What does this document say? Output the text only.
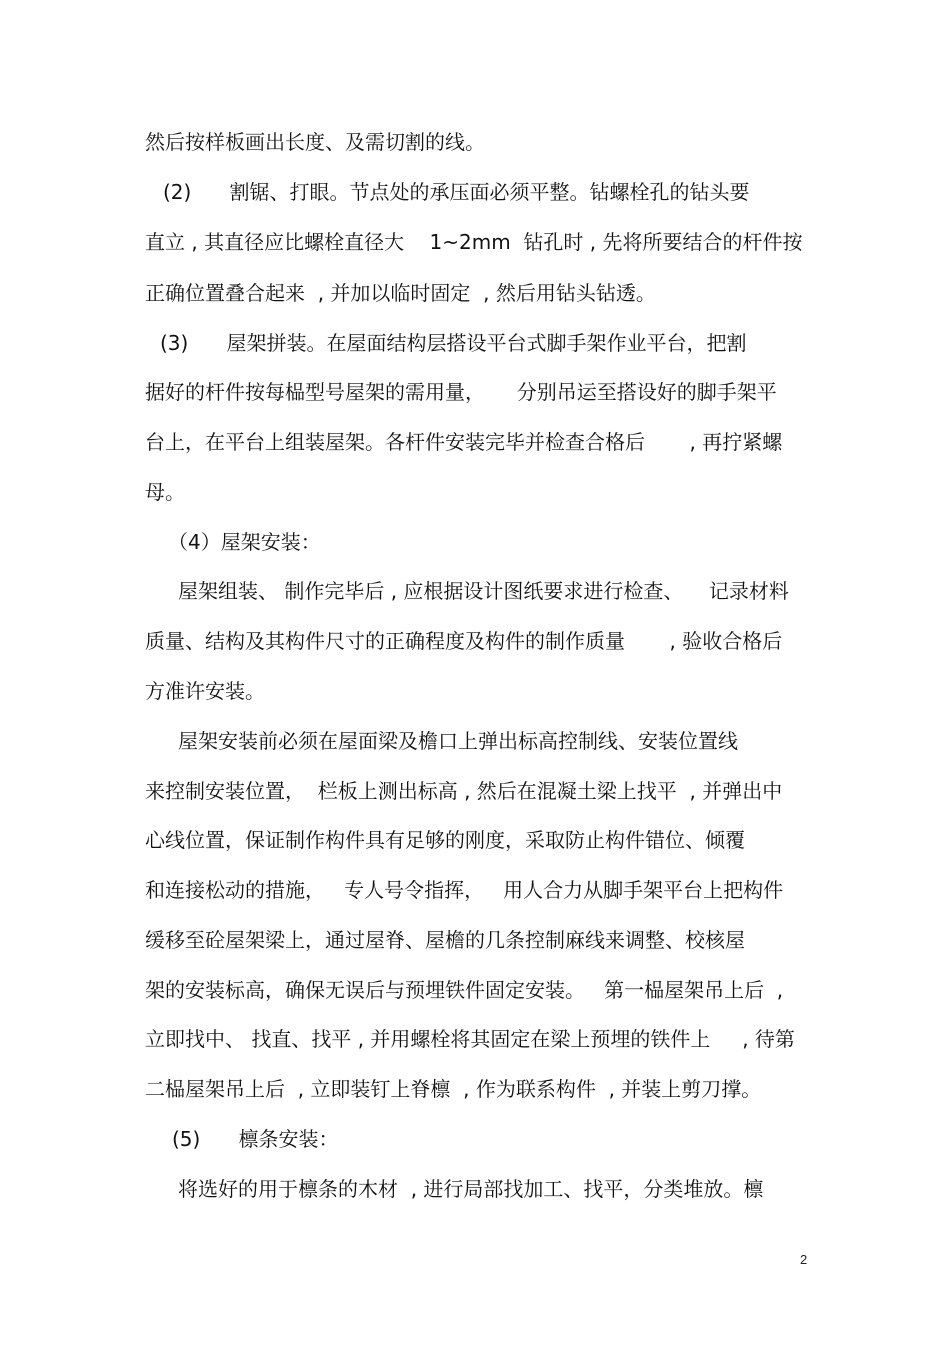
然后按样板画出长度、及需切割的线。
(2)      割锯、打眼。节点处的承压面必须平整。钻螺栓孔的钻头要
直立 , 其直径应比螺栓直径大    1~2mm  钻孔时 , 先将所要结合的杆件按
正确位置叠合起来  , 并加以临时固定  , 然后用钻头钻透。
(3)      屋架拼装。在屋面结构层搭设平台式脚手架作业平台，把割
据好的杆件按每榀型号屋架的需用量，     分别吊运至搭设好的脚手架平
台上，在平台上组装屋架。各杆件安装完毕并检查合格后       , 再拧紧螺
母。
（4）屋架安装：
屋架组装、 制作完毕后 , 应根据设计图纸要求进行检查、    记录材料
质量、结构及其构件尺寸的正确程度及构件的制作质量       , 验收合格后
方准许安装。
屋架安装前必须在屋面梁及檐口上弹出标高控制线、安装位置线
来控制安装位置，  栏板上测出标高 , 然后在混凝土梁上找平  , 并弹出中
心线位置，保证制作构件具有足够的刚度，采取防止构件错位、倾覆
和连接松动的措施，   专人号令指挥，   用人合力从脚手架平台上把构件
缓移至砼屋架梁上，通过屋脊、屋檐的几条控制麻线来调整、校核屋
架的安装标高，确保无误后与预埋铁件固定安装。   第一榀屋架吊上后  ,
立即找中、 找直、找平 , 并用螺栓将其固定在梁上预埋的铁件上     , 待第
二榀屋架吊上后  , 立即装钉上脊檩  , 作为联系构件  , 并装上剪刀撑。
(5)      檩条安装：
将选好的用于檩条的木材  , 进行局部找加工、找平，分类堆放。檩
2
